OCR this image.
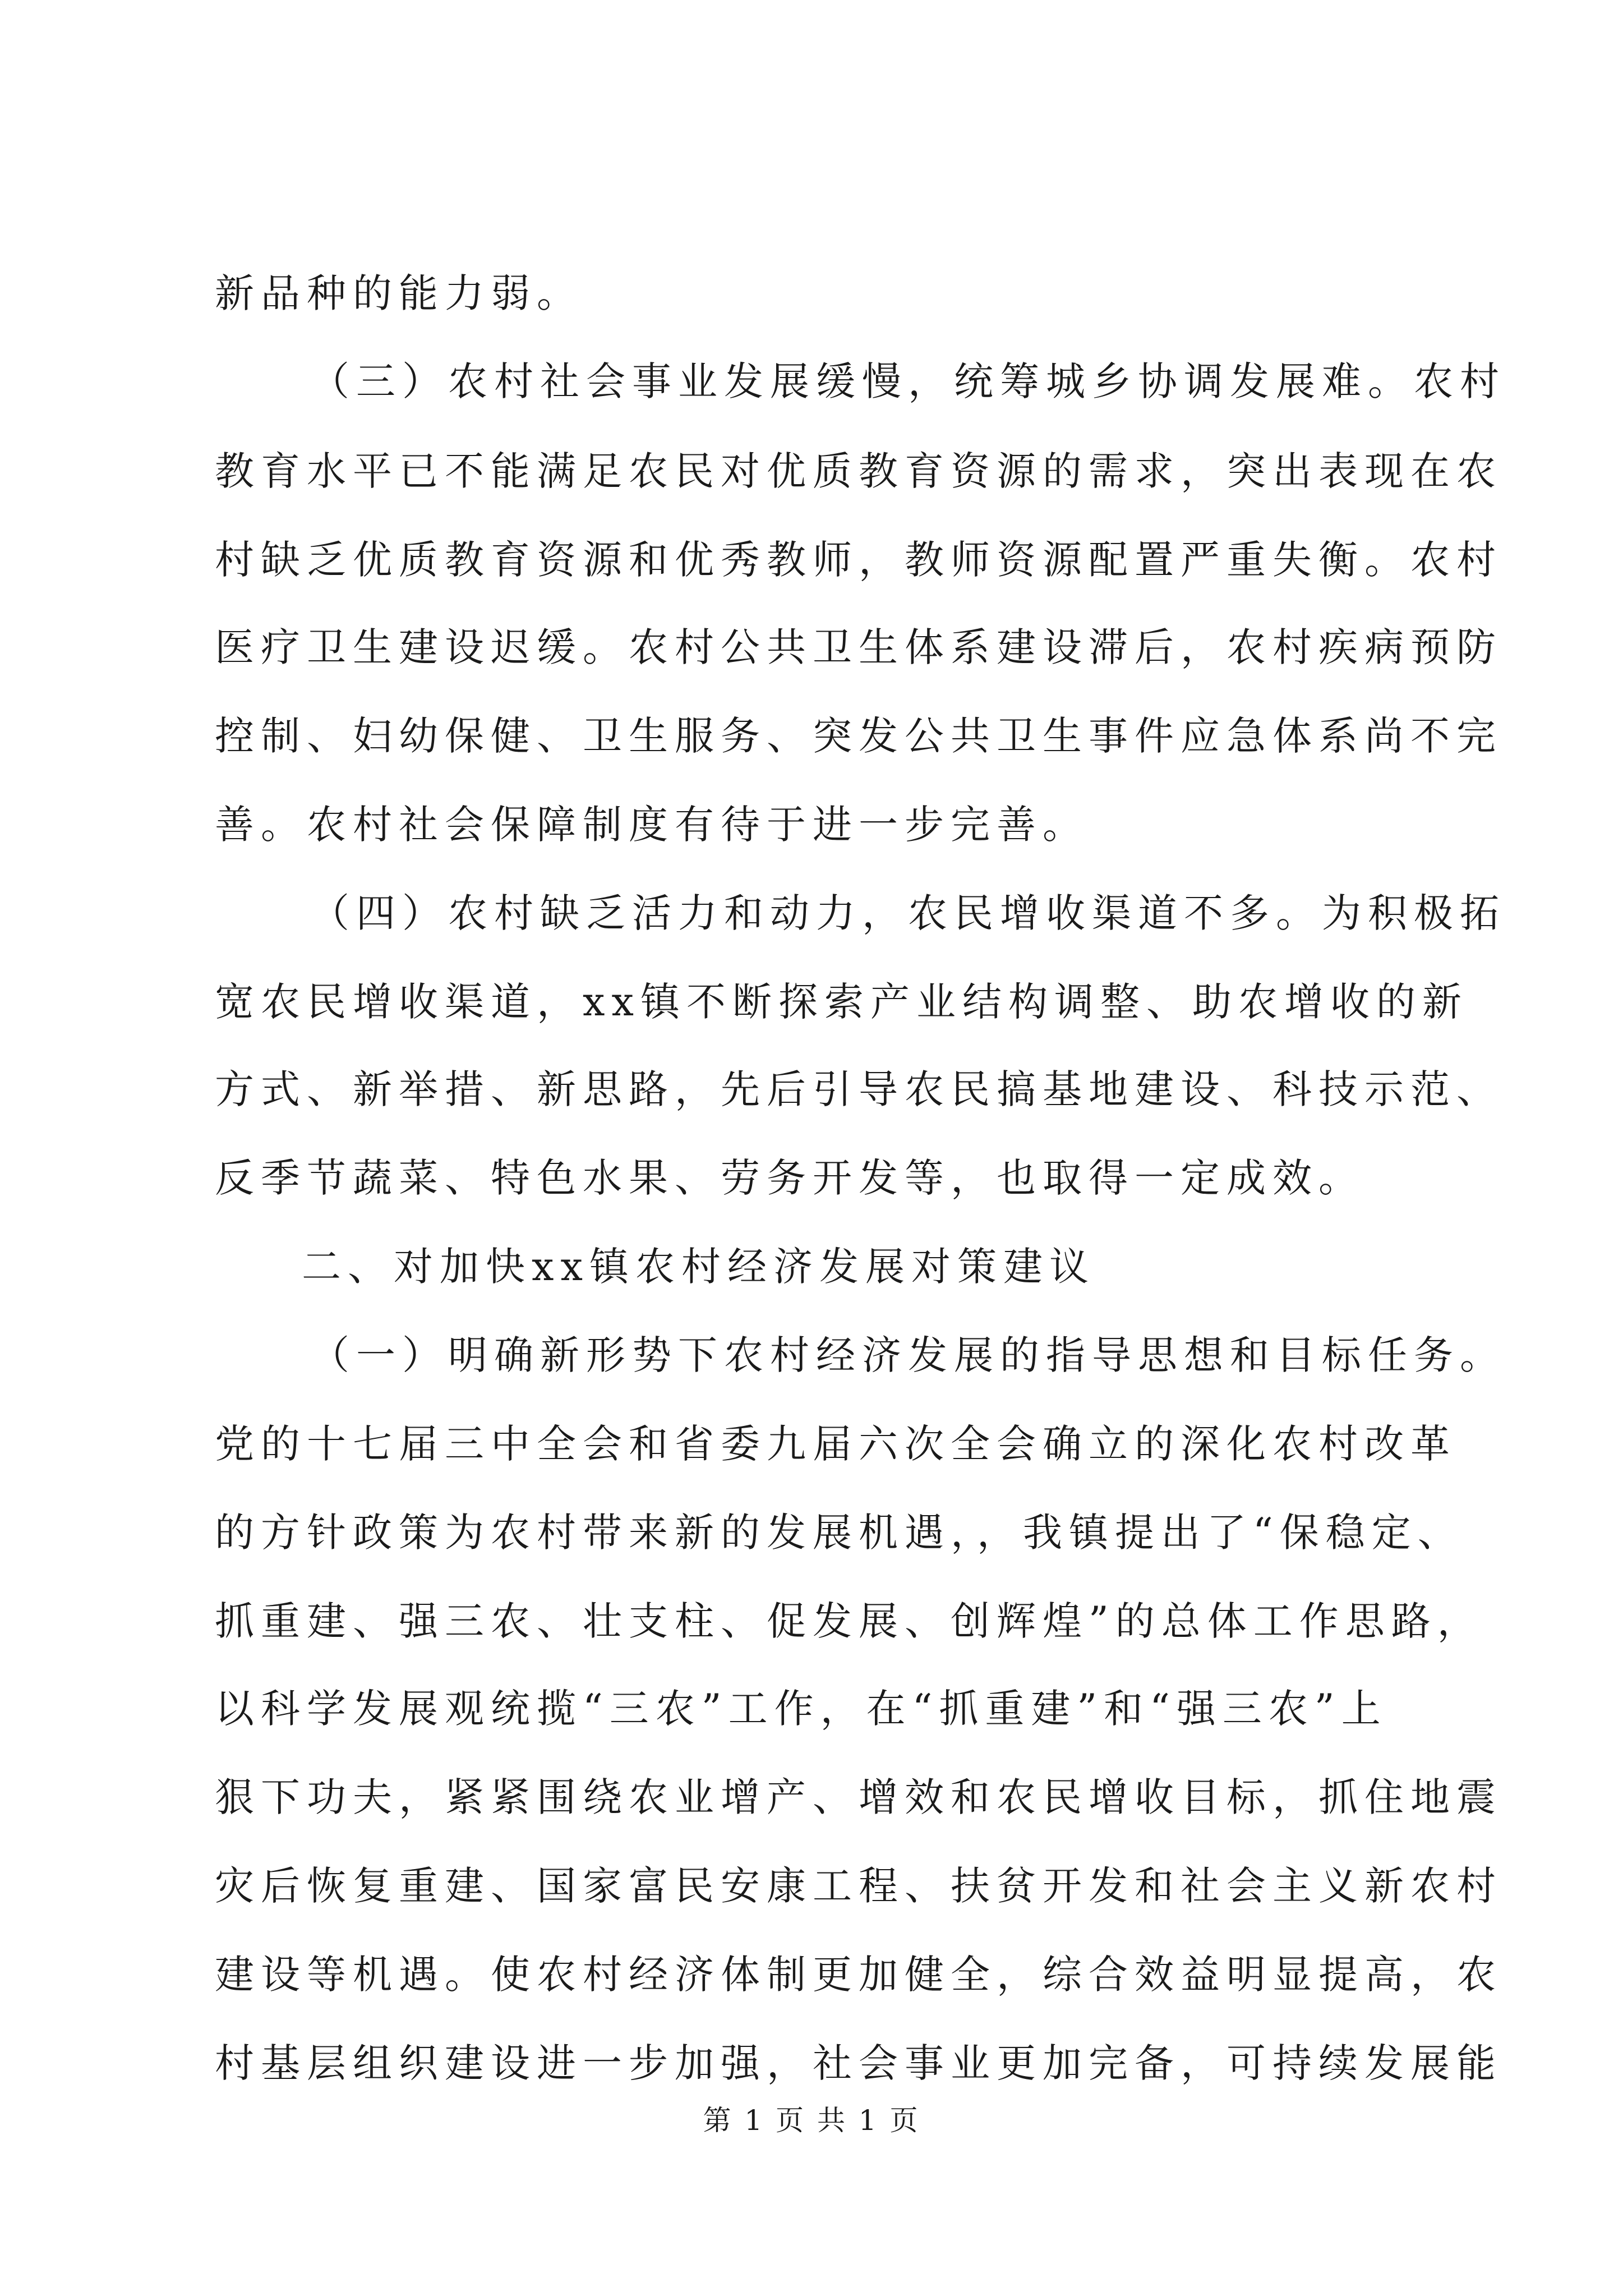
新品种的能力弱。
（三）农村社会事业发展缓慢，统筹城乡协调发展难。农村
教育水平已不能满足农民对优质教育资源的需求，突出表现在农
村缺乏优质教育资源和优秀教师，教师资源配置严重失衡。农村
医疗卫生建设迟缓。农村公共卫生体系建设滞后，农村疾病预防
控制、妇幼保健、卫生服务、突发公共卫生事件应急体系尚不完
善。农村社会保障制度有待于进一步完善。
（四）农村缺乏活力和动力，农民增收渠道不多。为积极拓
宽农民增收渠道，xx镇不断探索产业结构调整、助农增收的新
方式、新举措、新思路，先后引导农民搞基地建设、科技示范、
反季节蔬菜、特色水果、劳务开发等，也取得一定成效。
二、对加快xx镇农村经济发展对策建议
（一）明确新形势下农村经济发展的指导思想和目标任务。
党的十七届三中全会和省委九届六次全会确立的深化农村改革
的方针政策为农村带来新的发展机遇，，我镇提出了“保稳定、
抓重建、强三农、壮支柱、促发展、创辉煌”的总体工作思路，
以科学发展观统揽“三农”工作，在“抓重建”和“强三农”上
狠下功夫，紧紧围绕农业增产、增效和农民增收目标，抓住地震
灾后恢复重建、国家富民安康工程、扶贫开发和社会主义新农村
建设等机遇。使农村经济体制更加健全，综合效益明显提高，农
村基层组织建设进一步加强，社会事业更加完备，可持续发展能
第 1 页 共 1 页
